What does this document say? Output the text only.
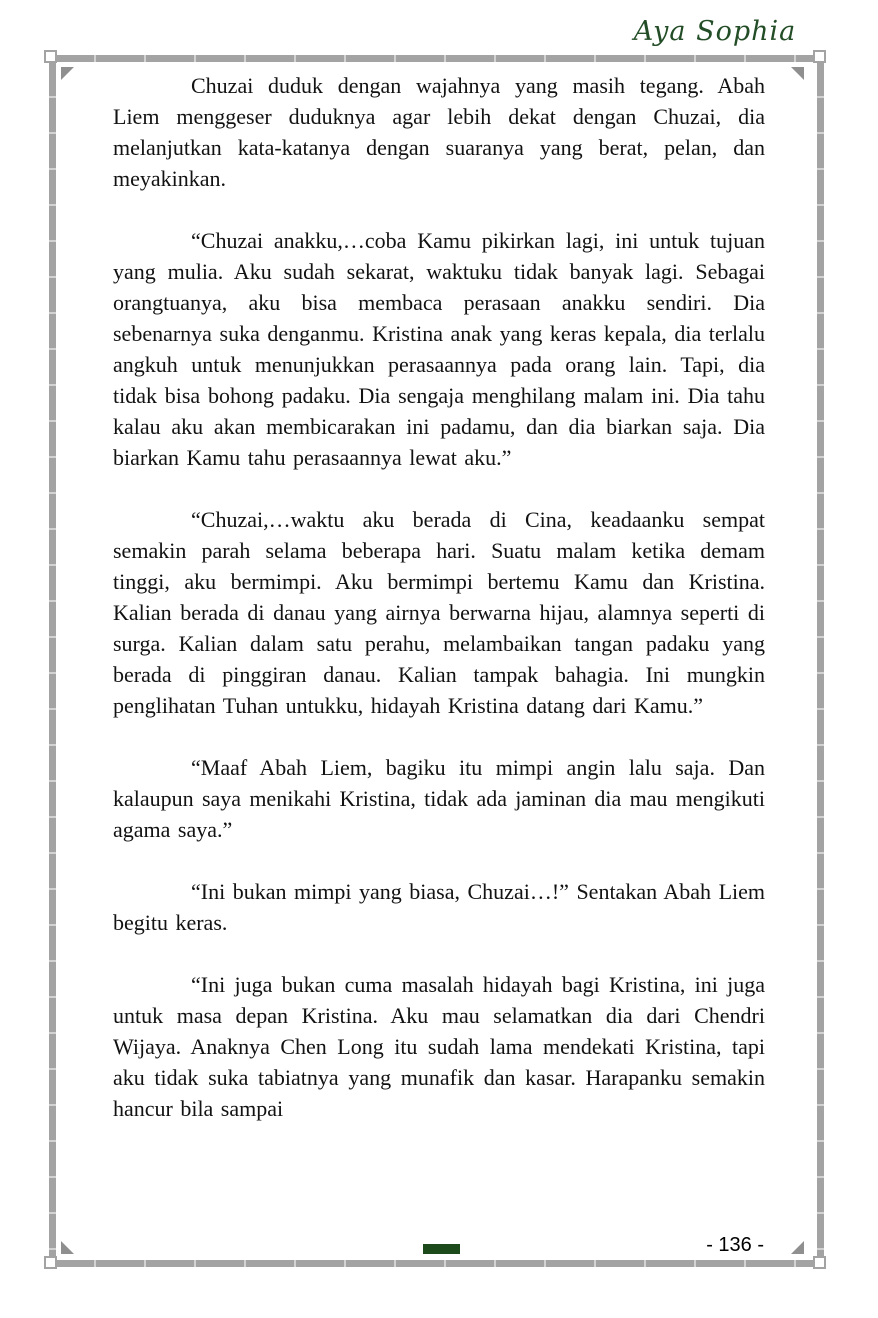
Aya Sophia

Chuzai duduk dengan wajahnya yang masih tegang. Abah Liem menggeser duduknya agar lebih dekat dengan Chuzai, dia melanjutkan kata-katanya dengan suaranya yang berat, pelan, dan meyakinkan.

“Chuzai anakku,…coba Kamu pikirkan lagi, ini untuk tujuan yang mulia. Aku sudah sekarat, waktuku tidak banyak lagi. Sebagai orangtuanya, aku bisa membaca perasaan anakku sendiri. Dia sebenarnya suka denganmu. Kristina anak yang keras kepala, dia terlalu angkuh untuk menunjukkan perasaannya pada orang lain. Tapi, dia tidak bisa bohong padaku. Dia sengaja menghilang malam ini. Dia tahu kalau aku akan membicarakan ini padamu, dan dia biarkan saja. Dia biarkan Kamu tahu perasaannya lewat aku.”

“Chuzai,…waktu aku berada di Cina, keadaanku sempat semakin parah selama beberapa hari. Suatu malam ketika demam tinggi, aku bermimpi. Aku bermimpi bertemu Kamu dan Kristina. Kalian berada di danau yang airnya berwarna hijau, alamnya seperti di surga. Kalian dalam satu perahu, melambaikan tangan padaku yang berada di pinggiran danau. Kalian tampak bahagia. Ini mungkin penglihatan Tuhan untukku, hidayah Kristina datang dari Kamu.”

“Maaf Abah Liem, bagiku itu mimpi angin lalu saja. Dan kalaupun saya menikahi Kristina, tidak ada jaminan dia mau mengikuti agama saya.”

“Ini bukan mimpi yang biasa, Chuzai…!” Sentakan Abah Liem begitu keras.

“Ini juga bukan cuma masalah hidayah bagi Kristina, ini juga untuk masa depan Kristina. Aku mau selamatkan dia dari Chendri Wijaya. Anaknya Chen Long itu sudah lama mendekati Kristina, tapi aku tidak suka tabiatnya yang munafik dan kasar. Harapanku semakin hancur bila sampai

- 136 -
